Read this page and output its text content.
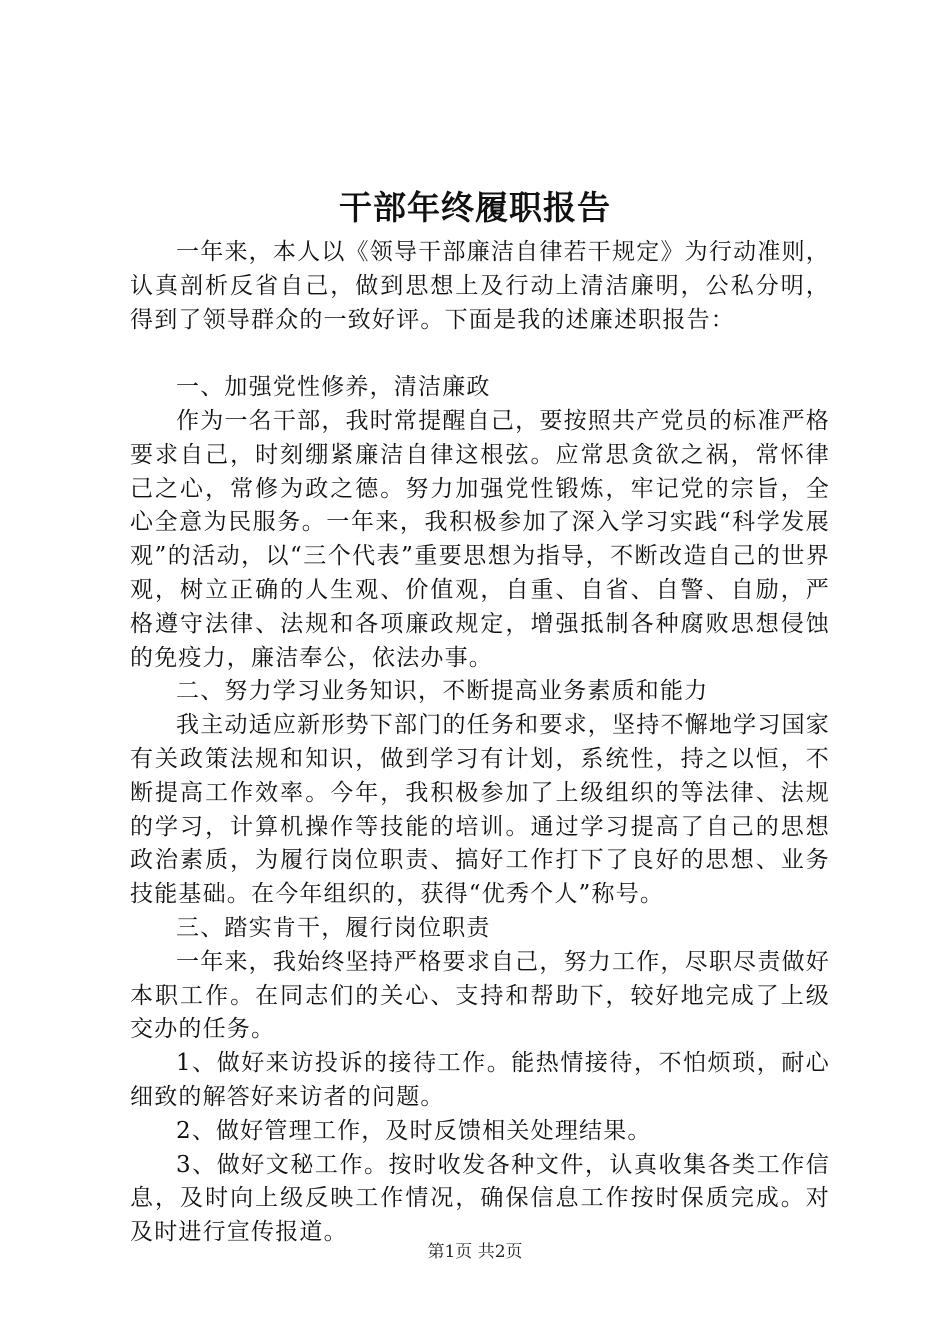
干部年终履职报告

一年来，本人以《领导干部廉洁自律若干规定》为行动准则，认真剖析反省自己，做到思想上及行动上清洁廉明，公私分明，得到了领导群众的一致好评。下面是我的述廉述职报告：

一、加强党性修养，清洁廉政

作为一名干部，我时常提醒自己，要按照共产党员的标准严格要求自己，时刻绷紧廉洁自律这根弦。应常思贪欲之祸，常怀律己之心，常修为政之德。努力加强党性锻炼，牢记党的宗旨，全心全意为民服务。一年来，我积极参加了深入学习实践“科学发展观”的活动，以“三个代表”重要思想为指导，不断改造自己的世界观，树立正确的人生观、价值观，自重、自省、自警、自励，严格遵守法律、法规和各项廉政规定，增强抵制各种腐败思想侵蚀的免疫力，廉洁奉公，依法办事。

二、努力学习业务知识，不断提高业务素质和能力

我主动适应新形势下部门的任务和要求，坚持不懈地学习国家有关政策法规和知识，做到学习有计划，系统性，持之以恒，不断提高工作效率。今年，我积极参加了上级组织的等法律、法规的学习，计算机操作等技能的培训。通过学习提高了自己的思想政治素质，为履行岗位职责、搞好工作打下了良好的思想、业务技能基础。在今年组织的，获得“优秀个人”称号。

三、踏实肯干，履行岗位职责

一年来，我始终坚持严格要求自己，努力工作，尽职尽责做好本职工作。在同志们的关心、支持和帮助下，较好地完成了上级交办的任务。

1、做好来访投诉的接待工作。能热情接待，不怕烦琐，耐心细致的解答好来访者的问题。

2、做好管理工作，及时反馈相关处理结果。

3、做好文秘工作。按时收发各种文件，认真收集各类工作信息，及时向上级反映工作情况，确保信息工作按时保质完成。对及时进行宣传报道。

第1页 共2页
